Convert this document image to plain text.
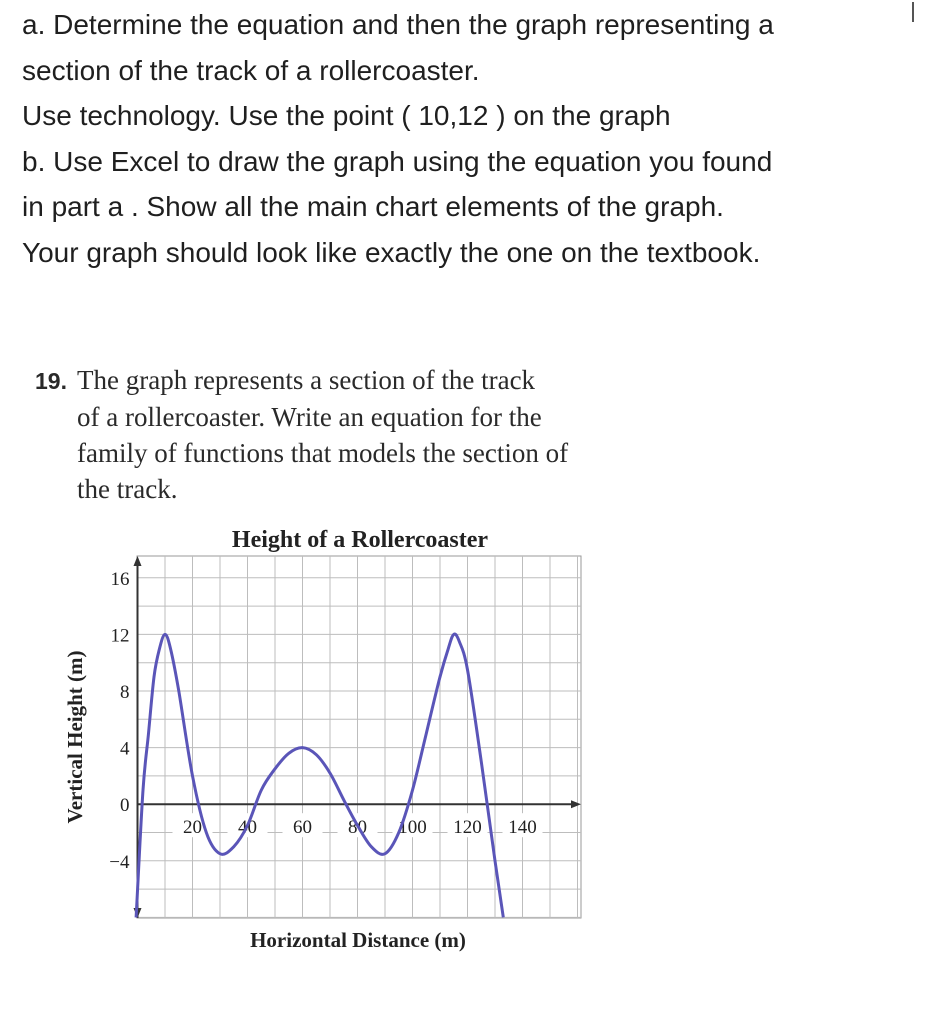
a. Determine the equation and then the graph representing a

section of the track of a rollercoaster.

Use technology. Use the point ( 10,12 ) on the graph

b. Use Excel to draw the graph using the equation you found

in part a . Show all the main chart elements of the graph.

Your graph should look like exactly the one on the textbook.

19. The graph represents a section of the track
of a rollercoaster. Write an equation for the
family of functions that models the section of
the track.
Height of a Rollercoaster
20 40 60 80 100 120 140
16
12
8
4
0
−4
Horizontal Distance (m)
Vertical Height (m)
